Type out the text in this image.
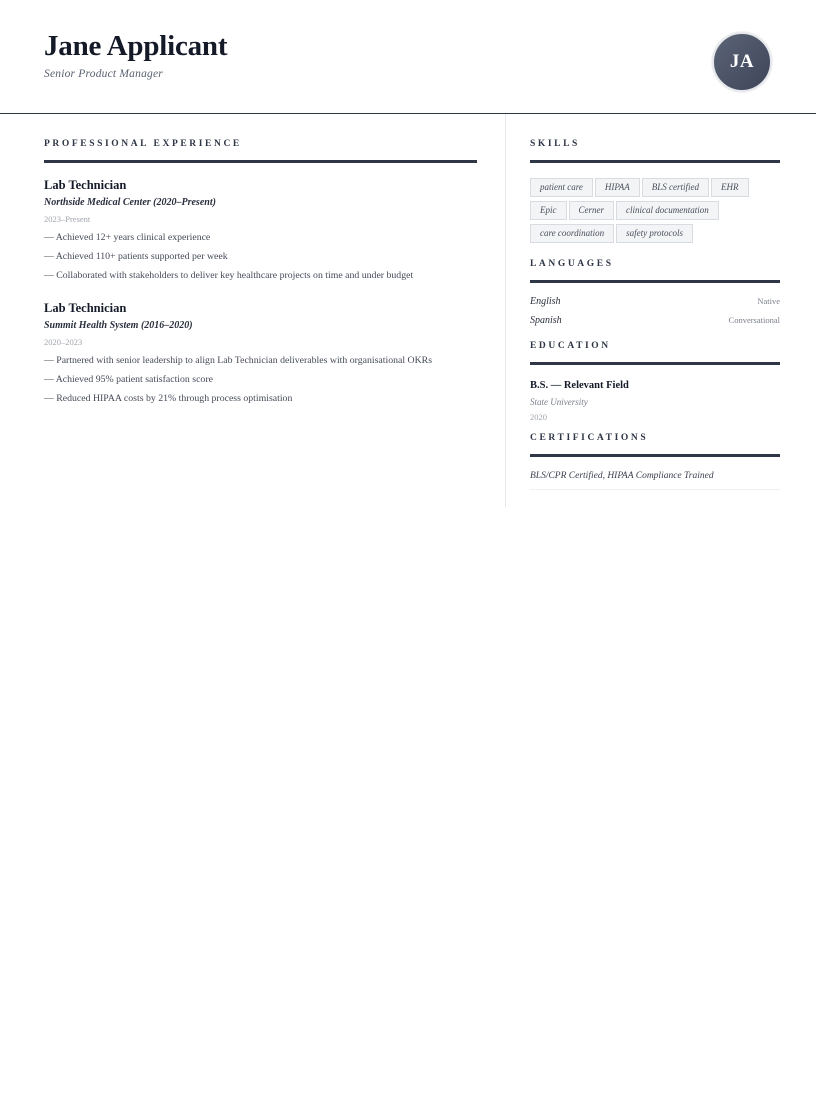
Jane Applicant
Senior Product Manager
JA
PROFESSIONAL EXPERIENCE
Lab Technician
Northside Medical Center (2020–Present)
2023–Present
— Achieved 12+ years clinical experience
— Achieved 110+ patients supported per week
— Collaborated with stakeholders to deliver key healthcare projects on time and under budget
Lab Technician
Summit Health System (2016–2020)
2020–2023
— Partnered with senior leadership to align Lab Technician deliverables with organisational OKRs
— Achieved 95% patient satisfaction score
— Reduced HIPAA costs by 21% through process optimisation
SKILLS
patient care	HIPAA	BLS certified	EHR
Epic	Cerner	clinical documentation
care coordination	safety protocols
LANGUAGES
English	Native
Spanish	Conversational
EDUCATION
B.S. — Relevant Field
State University
2020
CERTIFICATIONS
BLS/CPR Certified, HIPAA Compliance Trained
